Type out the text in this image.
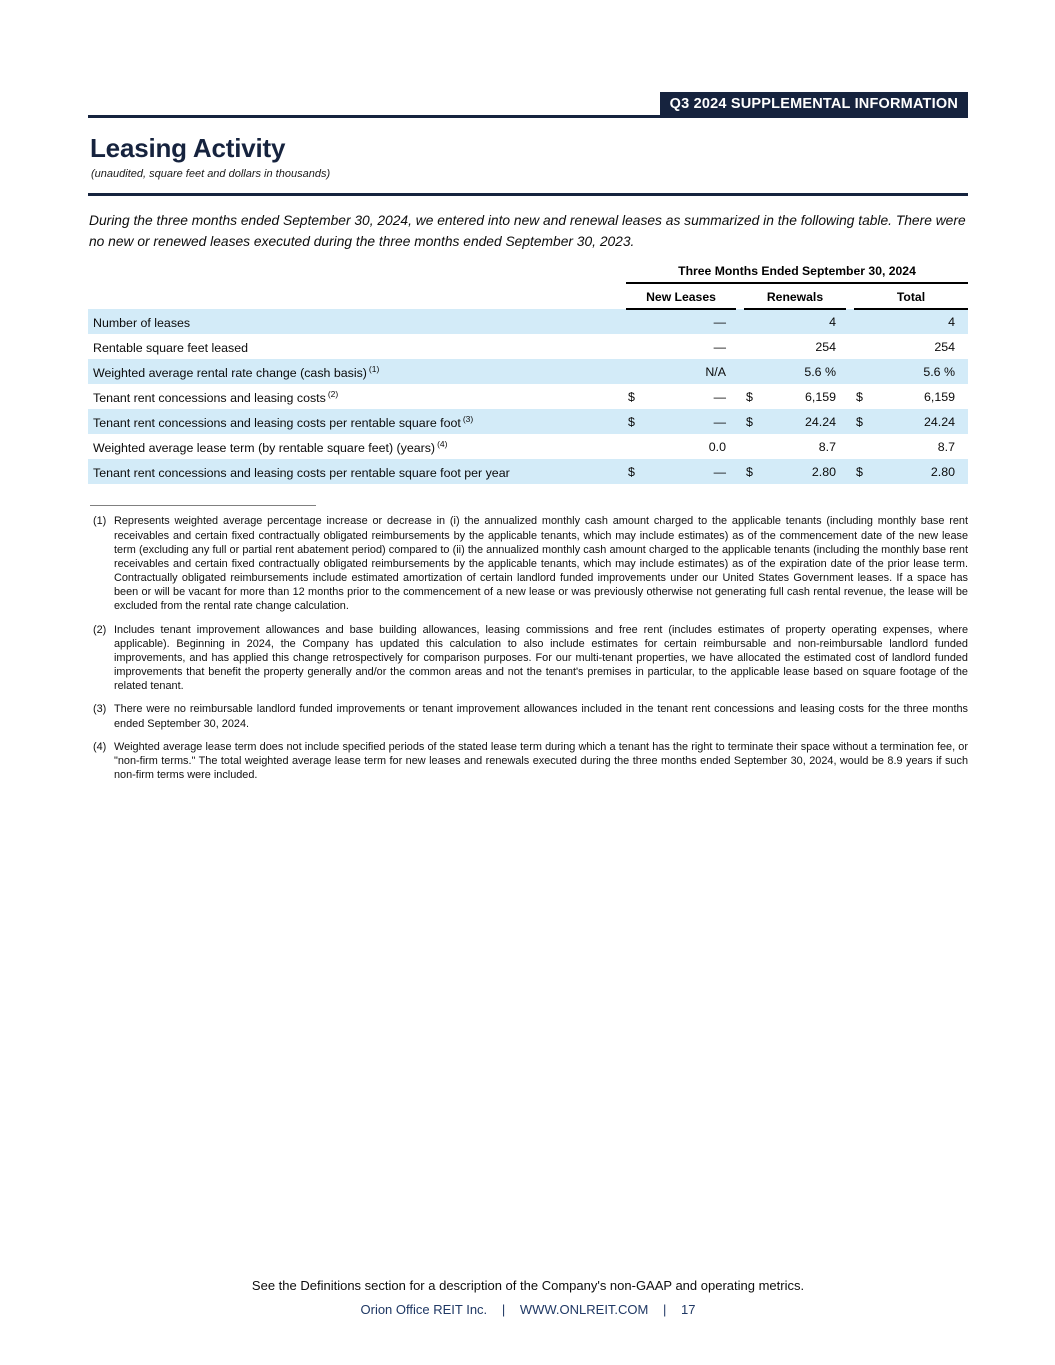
Q3 2024 SUPPLEMENTAL INFORMATION
Leasing Activity
(unaudited, square feet and dollars in thousands)

During the three months ended September 30, 2024, we entered into new and renewal leases as summarized in the following table. There were no new or renewed leases executed during the three months ended September 30, 2023.

	Three Months Ended September 30, 2024							
	New Leases			Renewals			Total	
Number of leases		—			4			4
Rentable square feet leased		—			254			254
Weighted average rental rate change (cash basis) $^{(1)}$		N/A			5.6 %			5.6 %
Tenant rent concessions and leasing costs $^{(2)}$	$	—		$	6,159		$	6,159
Tenant rent concessions and leasing costs per rentable square foot $^{(3)}$	$	—		$	24.24		$	24.24
Weighted average lease term (by rentable square feet) (years) $^{(4)}$		0.0			8.7			8.7
Tenant rent concessions and leasing costs per rentable square foot per year	$	—		$	2.80		$	2.80
(1) Represents weighted average percentage increase or decrease in (i) the annualized monthly cash amount charged to the applicable tenants (including monthly base rent receivables and certain fixed contractually obligated reimbursements by the applicable tenants, which may include estimates) as of the commencement date of the new lease term (excluding any full or partial rent abatement period) compared to (ii) the annualized monthly cash amount charged to the applicable tenants (including the monthly base rent receivables and certain fixed contractually obligated reimbursements by the applicable tenants, which may include estimates) as of the expiration date of the prior lease term. Contractually obligated reimbursements include estimated amortization of certain landlord funded improvements under our United States Government leases. If a space has been or will be vacant for more than 12 months prior to the commencement of a new lease or was previously otherwise not generating full cash rental revenue, the lease will be excluded from the rental rate change calculation.
(2) Includes tenant improvement allowances and base building allowances, leasing commissions and free rent (includes estimates of property operating expenses, where applicable). Beginning in 2024, the Company has updated this calculation to also include estimates for certain reimbursable and non-reimbursable landlord funded improvements, and has applied this change retrospectively for comparison purposes. For our multi-tenant properties, we have allocated the estimated cost of landlord funded improvements that benefit the property generally and/or the common areas and not the tenant's premises in particular, to the applicable lease based on square footage of the related tenant.
(3) There were no reimbursable landlord funded improvements or tenant improvement allowances included in the tenant rent concessions and leasing costs for the three months ended September 30, 2024.
(4) Weighted average lease term does not include specified periods of the stated lease term during which a tenant has the right to terminate their space without a termination fee, or "non-firm terms." The total weighted average lease term for new leases and renewals executed during the three months ended September 30, 2024, would be 8.9 years if such non-firm terms were included.
See the Definitions section for a description of the Company's non-GAAP and operating metrics.
Orion Office REIT Inc. | WWW.ONLREIT.COM | 17
